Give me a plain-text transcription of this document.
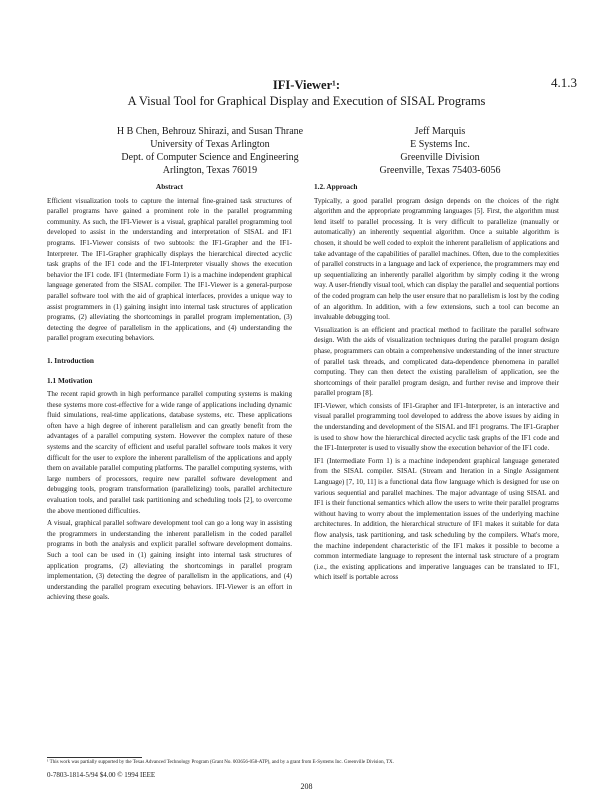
4.1.3
IFI-Viewer¹:
A Visual Tool for Graphical Display and Execution of SISAL Programs
H B Chen, Behrouz Shirazi, and Susan Thrane
University of Texas Arlington
Dept. of Computer Science and Engineering
Arlington, Texas 76019
Jeff Marquis
E Systems Inc.
Greenville Division
Greenville, Texas 75403-6056
Abstract

Efficient visualization tools to capture the internal fine-grained task structures of parallel programs have gained a prominent role in the parallel programming community. As such, the IFI-Viewer is a visual, graphical parallel programming tool developed to assist in the understanding and interpretation of SISAL and IF1 programs. IF1-Viewer consists of two subtools: the IF1-Grapher and the IF1-Interpreter. The IF1-Grapher graphically displays the hierarchical directed acyclic task graphs of the IF1 code and the IF1-Interpreter visually shows the execution behavior the IF1 code. IF1 (Intermediate Form 1) is a machine independent graphical language generated from the SISAL compiler. The IF1-Viewer is a general-purpose parallel software tool with the aid of graphical interfaces, provides a unique way to assist programmers in (1) gaining insight into internal task structures of application programs, (2) alleviating the shortcomings in parallel program implementation, (3) detecting the degree of parallelism in the applications, and (4) understanding the parallel program executing behaviors.

1. Introduction
1.1 Motivation

The recent rapid growth in high performance parallel computing systems is making these systems more cost-effective for a wide range of applications including dynamic fluid simulations, real-time applications, database systems, etc. These applications often have a high degree of inherent parallelism and can greatly benefit from the advantages of a parallel computing system. However the complex nature of these systems and the scarcity of efficient and useful parallel software tools makes it very difficult for the user to explore the inherent parallelism of the applications and apply them on available parallel computing platforms. The parallel computing systems, with large numbers of processors, require new parallel software development and debugging tools, program transformation (parallelizing) tools, parallel architecture evaluation tools, and parallel task partitioning and scheduling tools [2], to overcome the above mentioned difficulties.

A visual, graphical parallel software development tool can go a long way in assisting the programmers in understanding the inherent parallelism in the coded parallel programs in both the analysis and explicit parallel software development domains. Such a tool can be used in (1) gaining insight into internal task structures of application programs, (2) alleviating the shortcomings in parallel program implementation, (3) detecting the degree of parallelism in the applications, and (4) understanding the parallel program executing behaviors. IFI-Viewer is an effort in achieving these goals.

1.2. Approach

Typically, a good parallel program design depends on the choices of the right algorithm and the appropriate programming languages [5]. First, the algorithm must lend itself to parallel processing. It is very difficult to parallelize (manually or automatically) an inherently sequential algorithm. Once a suitable algorithm is chosen, it should be well coded to exploit the inherent parallelism of applications and take advantage of the capabilities of parallel machines. Often, due to the complexities of parallel constructs in a language and lack of experience, the programmers may end up sequentializing an inherently parallel algorithm by simply coding it the wrong way. A user-friendly visual tool, which can display the parallel and sequential portions of the coded program can help the user ensure that no parallelism is lost by the coding of an algorithm. In addition, with a few extensions, such a tool can become an invaluable debugging tool.

Visualization is an efficient and practical method to facilitate the parallel software design. With the aids of visualization techniques during the parallel program design phase, programmers can obtain a comprehensive understanding of the inner structure of parallel task threads, and complicated data-dependence phenomena in parallel computing. They can then detect the existing parallelism of application, see the shortcomings of their parallel program design, and further revise and improve their parallel program [8].

IFI-Viewer, which consists of IF1-Grapher and IF1-Interpreter, is an interactive and visual parallel programming tool developed to address the above issues by aiding in the understanding and development of the SISAL and IF1 programs. The IF1-Grapher is used to show how the hierarchical directed acyclic task graphs of the IF1 code and the IF1-Interpreter is used to visually show the execution behavior of the IF1 code.

IF1 (Intermediate Form 1) is a machine independent graphical language generated from the SISAL compiler. SISAL (Stream and Iteration in a Single Assignment Language) [7, 10, 11] is a functional data flow language which is designed for use on various sequential and parallel machines. The major advantage of using SISAL and IF1 is their functional semantics which allow the users to write their parallel programs without having to worry about the implementation issues of the underlying machine architectures. In addition, the hierarchical structure of IF1 makes it suitable for data flow analysis, task partitioning, and task scheduling by the compilers. What's more, the machine independent characteristic of the IF1 makes it possible to become a common intermediate language to represent the internal task structure of a program (i.e., the existing applications and imperative languages can be translated to IF1, which itself is portable across

¹ This work was partially supported by the Texas Advanced Technology Program (Grant No. 003656-058-ATP), and by a grant from E-Systems Inc. Greenville Division, TX.
0-7803-1814-5/94 $4.00 © 1994 IEEE
208
